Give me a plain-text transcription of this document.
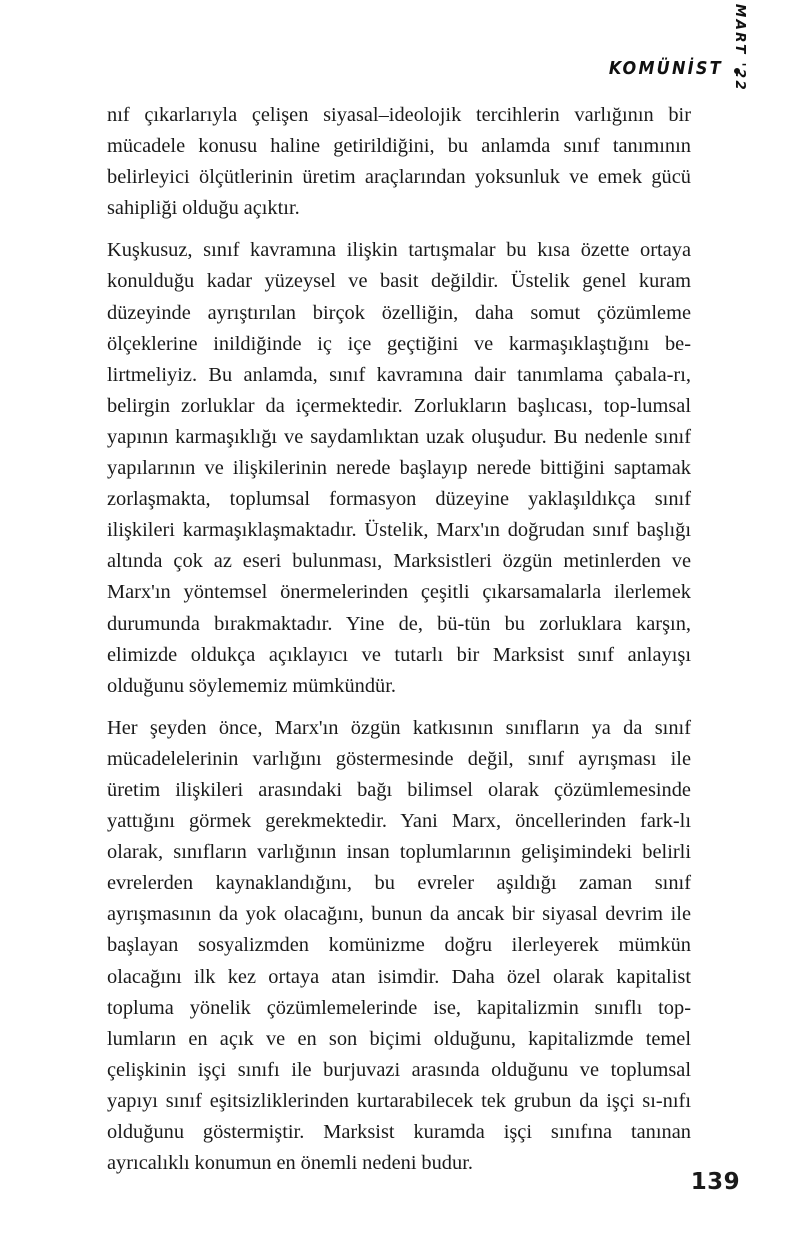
KOMÜNİST MART '22

nıf çıkarlarıyla çelişen siyasal–ideolojik tercihlerin varlığının bir mücadele konusu haline getirildiğini, bu anlamda sınıf tanımının belirleyici ölçütlerinin üretim araçlarından yoksunluk ve emek gücü sahipliği olduğu açıktır.

Kuşkusuz, sınıf kavramına ilişkin tartışmalar bu kısa özette ortaya konulduğu kadar yüzeysel ve basit değildir. Üstelik genel kuram düzeyinde ayrıştırılan birçok özelliğin, daha somut çözümleme ölçeklerine inildiğinde iç içe geçtiğini ve karmaşıklaştığını be-​lirtmeliyiz. Bu anlamda, sınıf kavramına dair tanımlama çabala-​rı, belirgin zorluklar da içermektedir. Zorlukların başlıcası, top-​lumsal yapının karmaşıklığı ve saydamlıktan uzak oluşudur. Bu nedenle sınıf yapılarının ve ilişkilerinin nerede başlayıp nerede bittiğini saptamak zorlaşmakta, toplumsal formasyon düzeyine yaklaşıldıkça sınıf ilişkileri karmaşıklaşmaktadır. Üstelik, Marx'ın doğrudan sınıf başlığı altında çok az eseri bulunması, Marksistleri özgün metinlerden ve Marx'ın yöntemsel önermelerinden çeşitli çıkarsamalarla ilerlemek durumunda bırakmaktadır. Yine de, bü-​tün bu zorluklara karşın, elimizde oldukça açıklayıcı ve tutarlı bir Marksist sınıf anlayışı olduğunu söylememiz mümkündür.

Her şeyden önce, Marx'ın özgün katkısının sınıfların ya da sınıf mücadelelerinin varlığını göstermesinde değil, sınıf ayrışması ile üretim ilişkileri arasındaki bağı bilimsel olarak çözümlemesinde yattığını görmek gerekmektedir. Yani Marx, öncellerinden fark-​lı olarak, sınıfların varlığının insan toplumlarının gelişimindeki belirli evrelerden kaynaklandığını, bu evreler aşıldığı zaman sınıf ayrışmasının da yok olacağını, bunun da ancak bir siyasal devrim ile başlayan sosyalizmden komünizme doğru ilerleyerek mümkün olacağını ilk kez ortaya atan isimdir. Daha özel olarak kapitalist topluma yönelik çözümlemelerinde ise, kapitalizmin sınıflı top-​lumların en açık ve en son biçimi olduğunu, kapitalizmde temel çelişkinin işçi sınıfı ile burjuvazi arasında olduğunu ve toplumsal yapıyı sınıf eşitsizliklerinden kurtarabilecek tek grubun da işçi sı-​nıfı olduğunu göstermiştir. Marksist kuramda işçi sınıfına tanınan ayrıcalıklı konumun en önemli nedeni budur.

139
